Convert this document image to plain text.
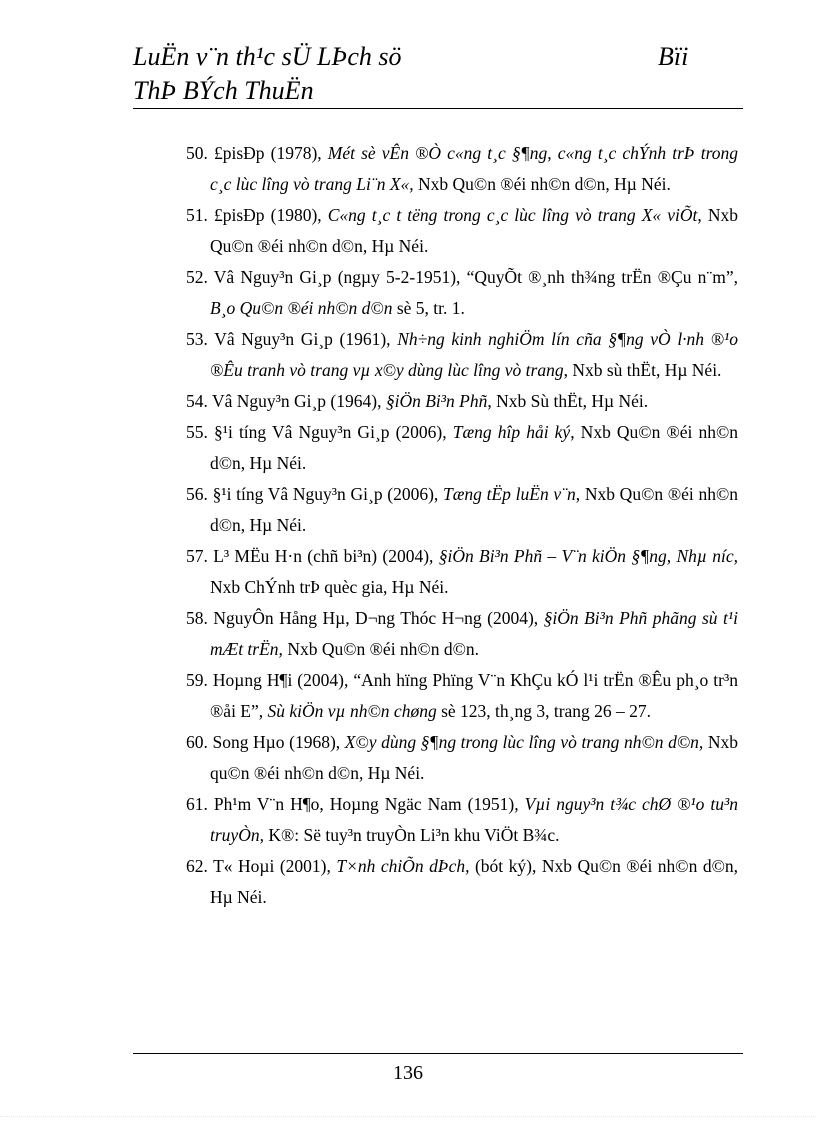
LuËn v¨n th¹c sÜ LÞch sö	Bïi
ThÞ BÝch ThuËn

50. £pisÐp (1978), Mét sè vÊn ®Ò c«ng t¸c §¶ng, c«ng t¸c chÝnh trÞ trong c¸c lùc lîng vò trang Li¨n X«, Nxb Qu©n ®éi nh©n d©n, Hµ Néi.

51. £pisÐp (1980), C«ng t¸c t tëng trong c¸c lùc lîng vò trang X« viÕt, Nxb Qu©n ®éi nh©n d©n, Hµ Néi.

52. Vâ Nguy³n Gi¸p (ngµy 5-2-1951), “QuyÕt ®¸nh th¾ng trËn ®Çu n¨m”, B¸o Qu©n ®éi nh©n d©n sè 5, tr. 1.

53. Vâ Nguy³n Gi¸p (1961), Nh÷ng kinh nghiÖm lín cña §¶ng vÒ l·nh ®¹o ®Êu tranh vò trang vµ x©y dùng lùc lîng vò trang, Nxb sù thËt, Hµ Néi.

54. Vâ Nguy³n Gi¸p (1964), §iÖn Bi³n Phñ, Nxb Sù thËt, Hµ Néi.

55. §¹i tíng Vâ Nguy³n Gi¸p (2006), Tæng hîp håi ký, Nxb Qu©n ®éi nh©n d©n, Hµ Néi.

56. §¹i tíng Vâ Nguy³n Gi¸p (2006), Tæng tËp luËn v¨n, Nxb Qu©n ®éi nh©n d©n, Hµ Néi.

57. L³ MËu H·n (chñ bi³n) (2004), §iÖn Bi³n Phñ – V¨n kiÖn §¶ng, Nhµ níc, Nxb ChÝnh trÞ quèc gia, Hµ Néi.

58. NguyÔn Hång Hµ, D¬ng Thóc H¬ng (2004), §iÖn Bi³n Phñ phãng sù t¹i mÆt trËn, Nxb Qu©n ®éi nh©n d©n.

59. Hoµng H¶i (2004), “Anh hïng Phïng V¨n KhÇu kÓ l¹i trËn ®Êu ph¸o tr³n ®åi E”, Sù kiÖn vµ nh©n chøng sè 123, th¸ng 3, trang 26 – 27.

60. Song Hµo (1968), X©y dùng §¶ng trong lùc lîng vò trang nh©n d©n, Nxb qu©n ®éi nh©n d©n, Hµ Néi.

61. Ph¹m V¨n H¶o, Hoµng Ngäc Nam (1951), Vµi nguy³n t¾c chØ ®¹o tu³n truyÒn, K®: Së tuy³n truyÒn Li³n khu ViÖt B¾c.

62. T« Hoµi (2001), T×nh chiÕn dÞch, (bót ký), Nxb Qu©n ®éi nh©n d©n, Hµ Néi.

136
